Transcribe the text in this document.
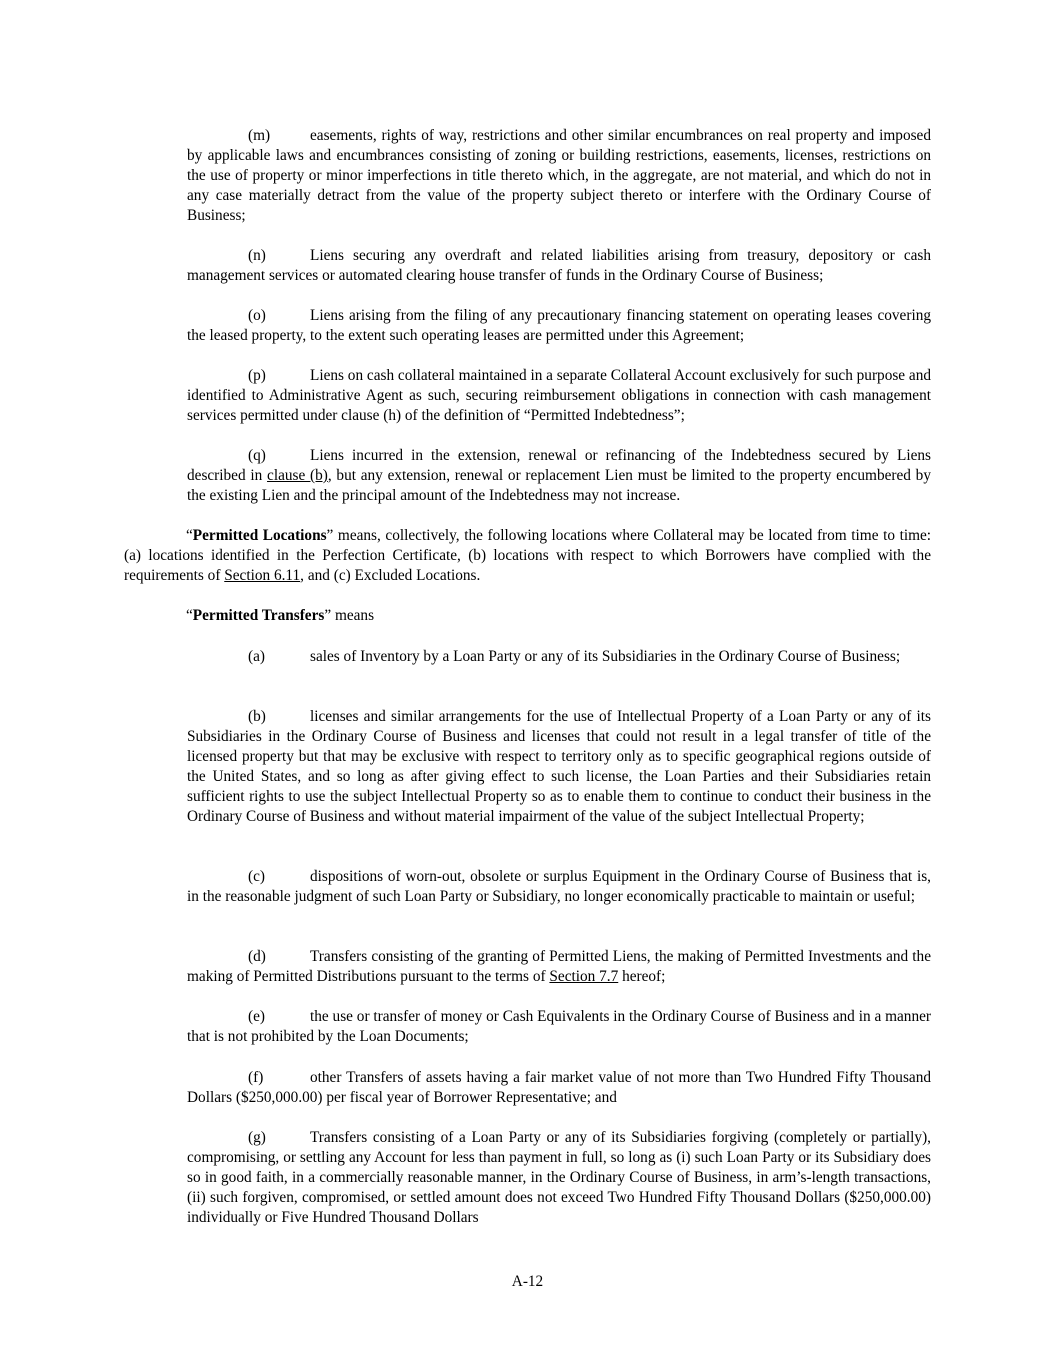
(m)	easements, rights of way, restrictions and other similar encumbrances on real property and imposed by applicable laws and encumbrances consisting of zoning or building restrictions, easements, licenses, restrictions on the use of property or minor imperfections in title thereto which, in the aggregate, are not material, and which do not in any case materially detract from the value of the property subject thereto or interfere with the Ordinary Course of Business;

(n)	Liens securing any overdraft and related liabilities arising from treasury, depository or cash management services or automated clearing house transfer of funds in the Ordinary Course of Business;

(o)	Liens arising from the filing of any precautionary financing statement on operating leases covering the leased property, to the extent such operating leases are permitted under this Agreement;

(p)	Liens on cash collateral maintained in a separate Collateral Account exclusively for such purpose and identified to Administrative Agent as such, securing reimbursement obligations in connection with cash management services permitted under clause (h) of the definition of “Permitted Indebtedness”;

(q)	Liens incurred in the extension, renewal or refinancing of the Indebtedness secured by Liens described in clause (b), but any extension, renewal or replacement Lien must be limited to the property encumbered by the existing Lien and the principal amount of the Indebtedness may not increase.

“Permitted Locations” means, collectively, the following locations where Collateral may be located from time to time: (a) locations identified in the Perfection Certificate, (b) locations with respect to which Borrowers have complied with the requirements of Section 6.11, and (c) Excluded Locations.

“Permitted Transfers” means

(a)	sales of Inventory by a Loan Party or any of its Subsidiaries in the Ordinary Course of Business;

(b)	licenses and similar arrangements for the use of Intellectual Property of a Loan Party or any of its Subsidiaries in the Ordinary Course of Business and licenses that could not result in a legal transfer of title of the licensed property but that may be exclusive with respect to territory only as to specific geographical regions outside of the United States, and so long as after giving effect to such license, the Loan Parties and their Subsidiaries retain sufficient rights to use the subject Intellectual Property so as to enable them to continue to conduct their business in the Ordinary Course of Business and without material impairment of the value of the subject Intellectual Property;

(c)	dispositions of worn-out, obsolete or surplus Equipment in the Ordinary Course of Business that is, in the reasonable judgment of such Loan Party or Subsidiary, no longer economically practicable to maintain or useful;

(d)	Transfers consisting of the granting of Permitted Liens, the making of Permitted Investments and the making of Permitted Distributions pursuant to the terms of Section 7.7 hereof;

(e)	the use or transfer of money or Cash Equivalents in the Ordinary Course of Business and in a manner that is not prohibited by the Loan Documents;

(f)	other Transfers of assets having a fair market value of not more than Two Hundred Fifty Thousand Dollars ($250,000.00) per fiscal year of Borrower Representative; and

(g)	Transfers consisting of a Loan Party or any of its Subsidiaries forgiving (completely or partially), compromising, or settling any Account for less than payment in full, so long as (i) such Loan Party or its Subsidiary does so in good faith, in a commercially reasonable manner, in the Ordinary Course of Business, in arm’s-length transactions, (ii) such forgiven, compromised, or settled amount does not exceed Two Hundred Fifty Thousand Dollars ($250,000.00) individually or Five Hundred Thousand Dollars

A-12
